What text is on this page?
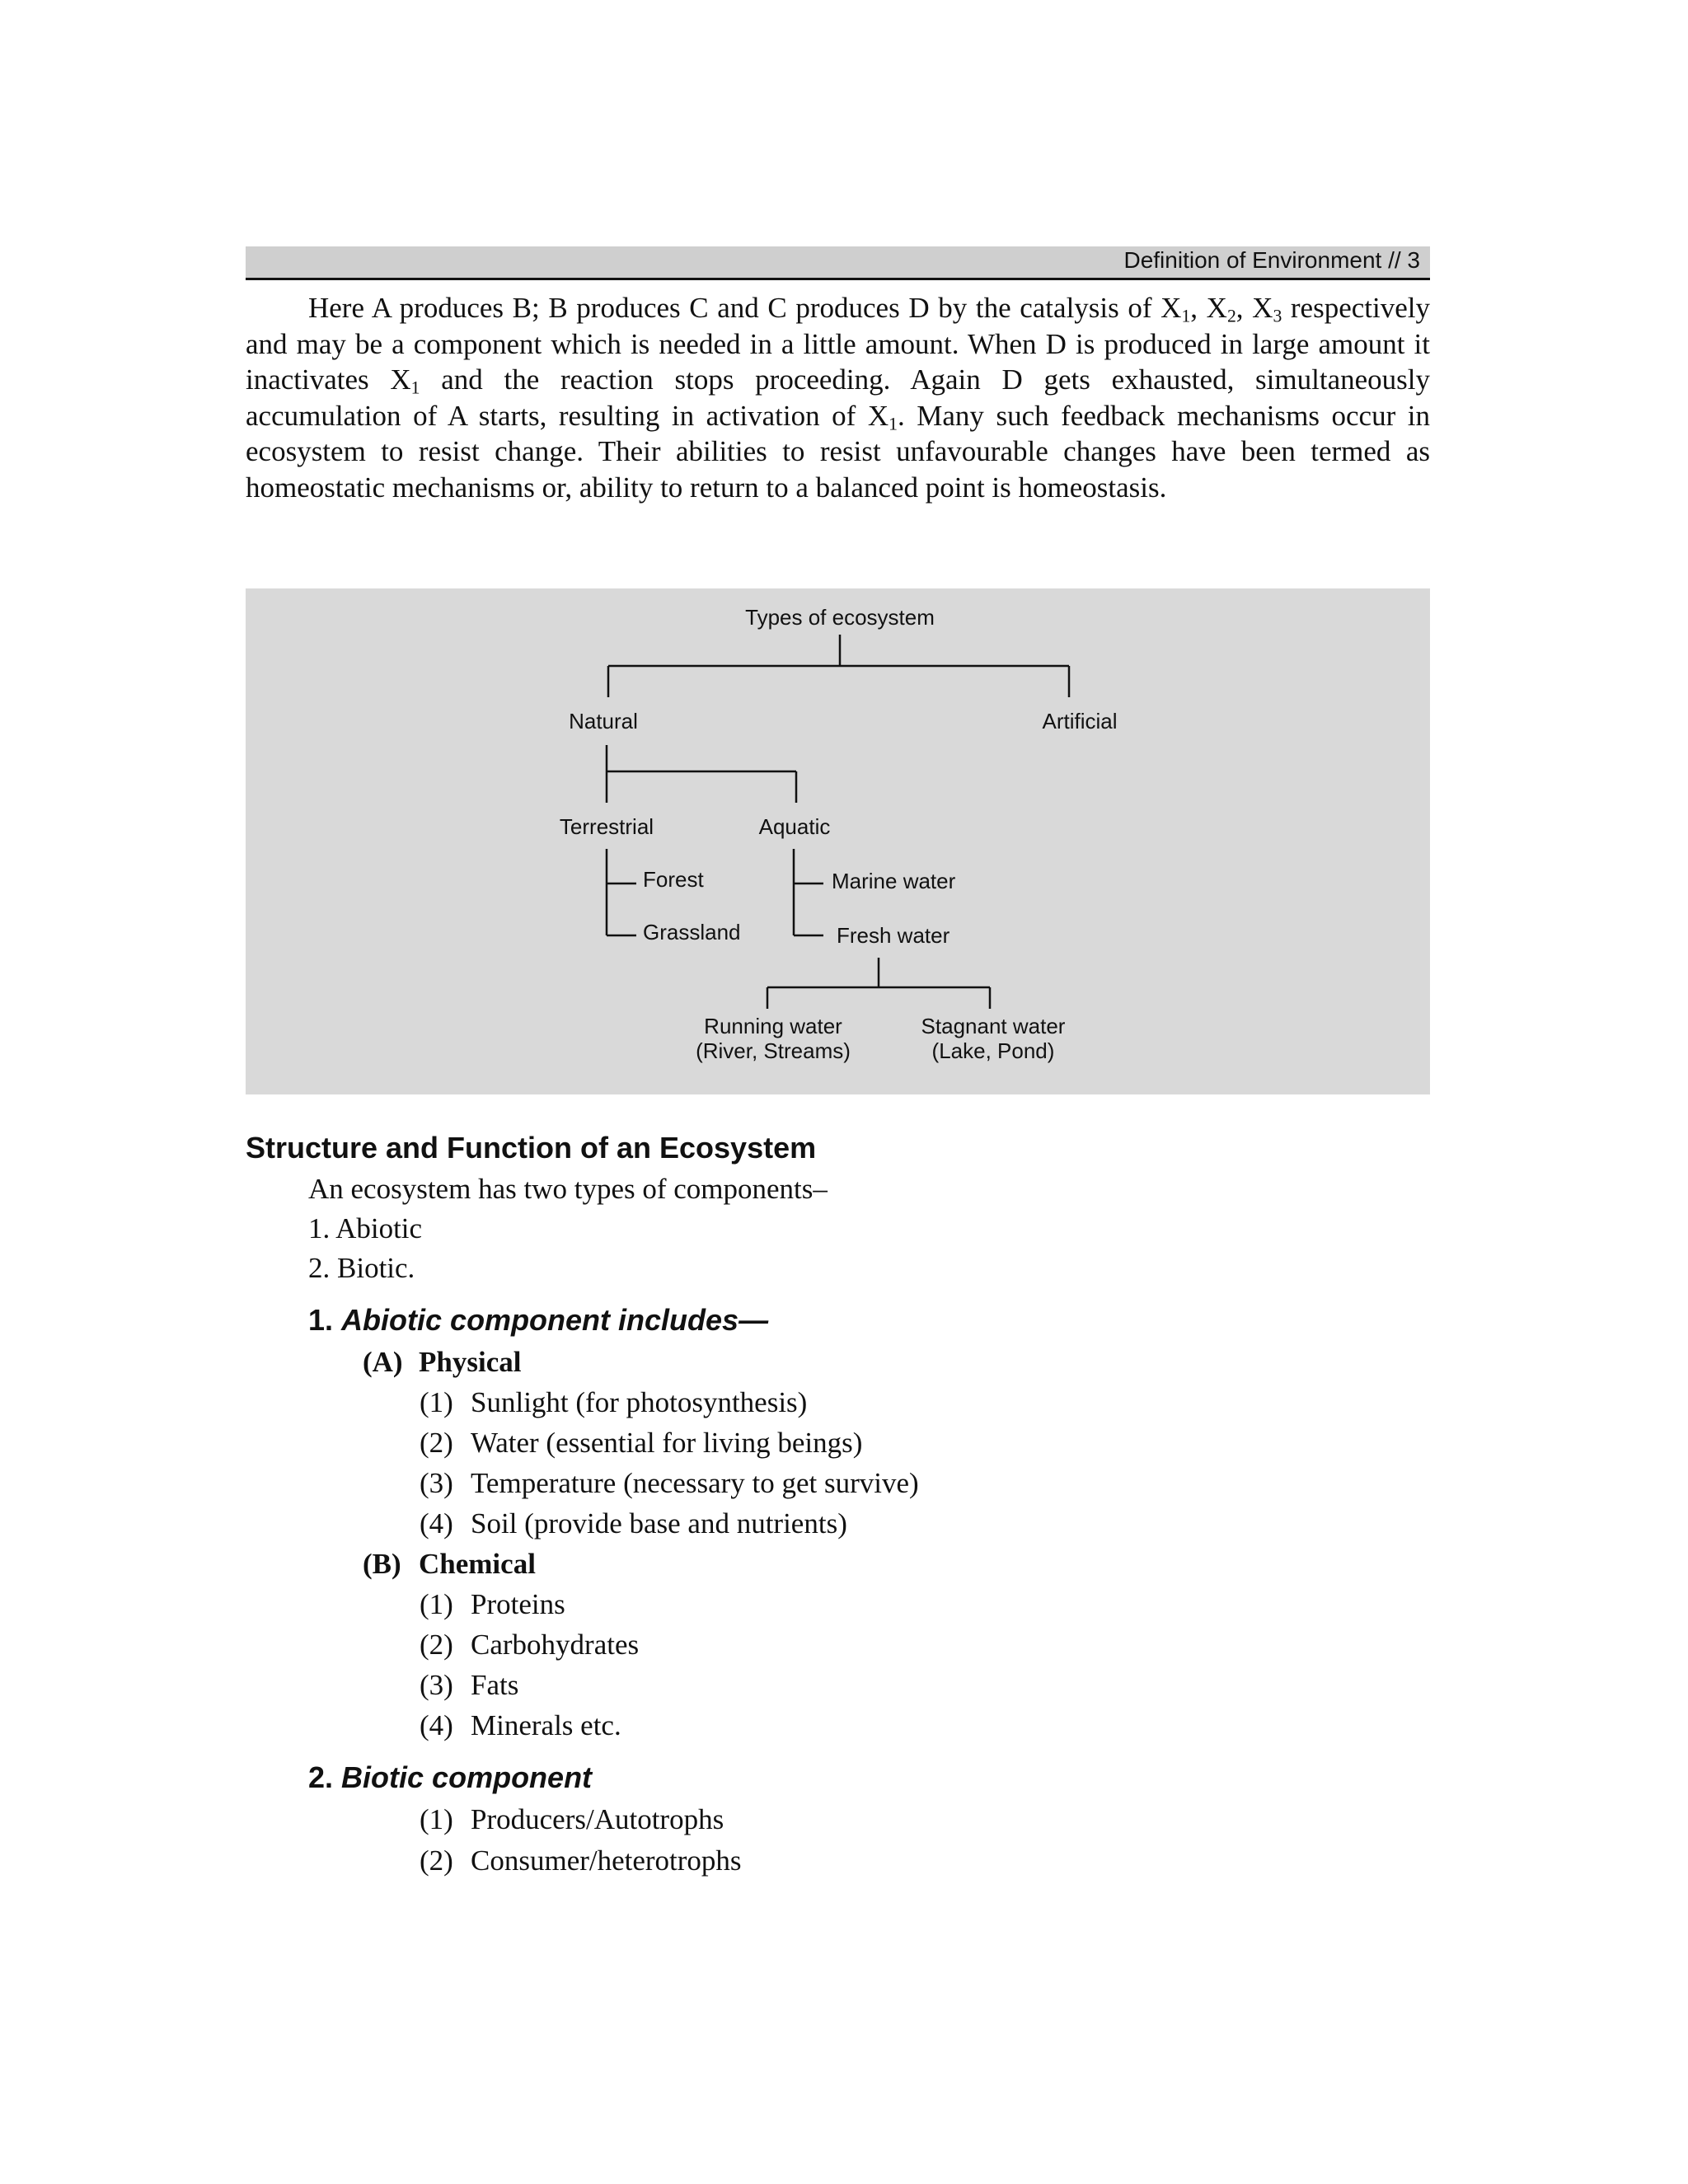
Definition of Environment // 3

Here A produces B; B produces C and C produces D by the catalysis of $X_1$, $X_2$, $X_3$ respectively and may be a component which is needed in a little amount. When D is produced in large amount it inactivates $X_1$ and the reaction stops proceeding. Again D gets exhausted, simultaneously accumulation of A starts, resulting in activation of $X_1$. Many such feedback mechanisms occur in ecosystem to resist change. Their abilities to resist unfavourable changes have been termed as homeostatic mechanisms or, ability to return to a balanced point is homeostasis.

Types of ecosystem
Natural	Artificial
Terrestrial	Aquatic
Forest
Grassland
Marine water
Fresh water
Running water
(River, Streams)
Stagnant water
(Lake, Pond)
Structure and Function of an Ecosystem
An ecosystem has two types of components–
1. Abiotic
2. Biotic.
1. Abiotic component includes—
(A) Physical
(1) Sunlight (for photosynthesis)
(2) Water (essential for living beings)
(3) Temperature (necessary to get survive)
(4) Soil (provide base and nutrients)
(B) Chemical
(1) Proteins
(2) Carbohydrates
(3) Fats
(4) Minerals etc.
2. Biotic component
(1) Producers/Autotrophs
(2) Consumer/heterotrophs
